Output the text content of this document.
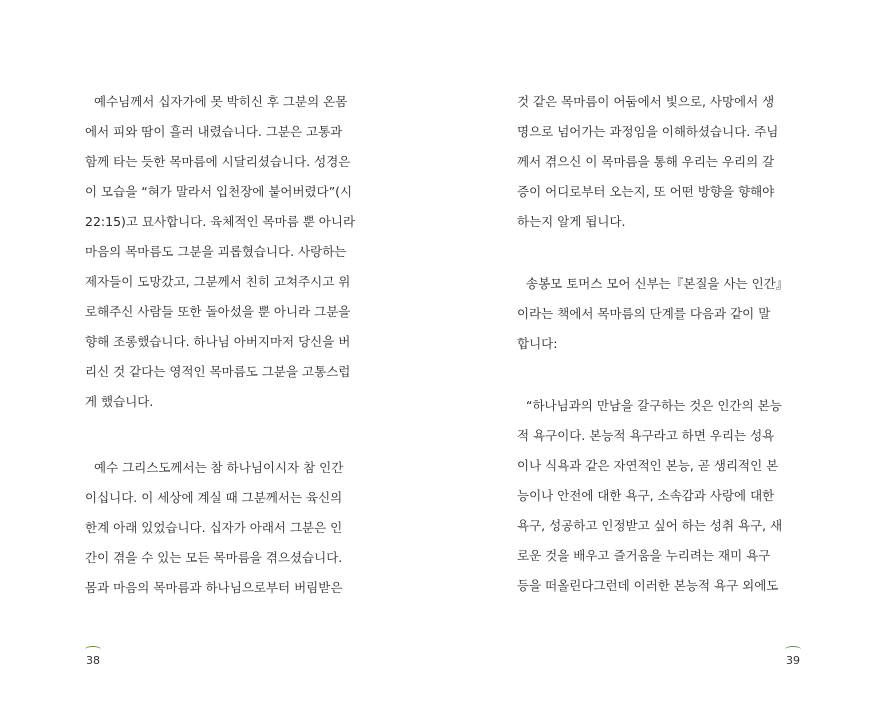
예수님께서 십자가에 못 박히신 후 그분의 온몸
에서 피와 땀이 흘러 내렸습니다. 그분은 고통과
함께 타는 듯한 목마름에 시달리셨습니다. 성경은
이 모습을 “혀가 말라서 입천장에 붙어버렸다”(시
22:15)고 묘사합니다. 육체적인 목마름 뿐 아니라
마음의 목마름도 그분을 괴롭혔습니다. 사랑하는
제자들이 도망갔고, 그분께서 친히 고쳐주시고 위
로해주신 사람들 또한 돌아섰을 뿐 아니라 그분을
향해 조롱했습니다. 하나님 아버지마저 당신을 버
리신 것 같다는 영적인 목마름도 그분을 고통스럽
게 했습니다.
예수 그리스도께서는 참 하나님이시자 참 인간
이십니다. 이 세상에 계실 때 그분께서는 육신의
한계 아래 있었습니다. 십자가 아래서 그분은 인
간이 겪을 수 있는 모든 목마름을 겪으셨습니다.
몸과 마음의 목마름과 하나님으로부터 버림받은
38
것 같은 목마름이 어둠에서 빛으로, 사망에서 생
명으로 넘어가는 과정임을 이해하셨습니다. 주님
께서 겪으신 이 목마름을 통해 우리는 우리의 갈
증이 어디로부터 오는지, 또 어떤 방향을 향해야
하는지 알게 됩니다.
송봉모 토머스 모어 신부는『본질을 사는 인간』
이라는 책에서 목마름의 단계를 다음과 같이 말
합니다:
“하나님과의 만남을 갈구하는 것은 인간의 본능
적 욕구이다. 본능적 욕구라고 하면 우리는 성욕
이나 식욕과 같은 자연적인 본능, 곧 생리적인 본
능이나 안전에 대한 욕구, 소속감과 사랑에 대한
욕구, 성공하고 인정받고 싶어 하는 성취 욕구, 새
로운 것을 배우고 즐거움을 누리려는 재미 욕구
등을 떠올린다그런데 이러한 본능적 욕구 외에도
39
